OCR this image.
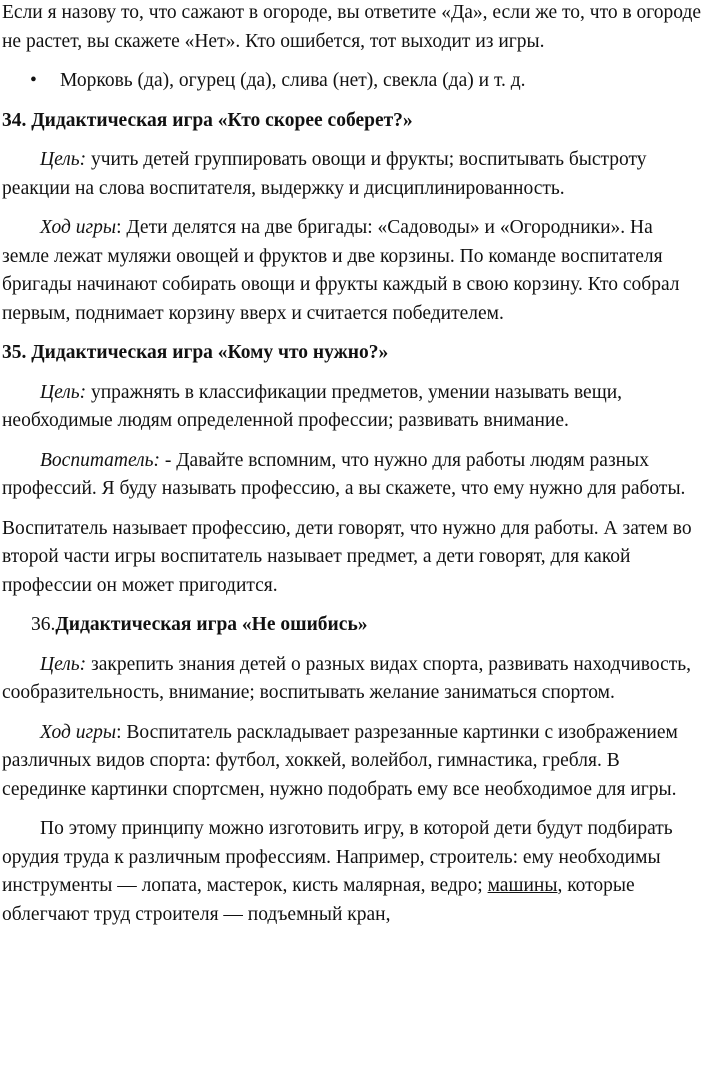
Если я назову то, что сажают в огороде, вы ответите «Да», если же то, что в огороде не растет, вы скажете «Нет». Кто ошибется, тот выходит из игры.

•	Морковь (да), огурец (да), слива (нет), свекла (да) и т. д.

34. Дидактическая игра «Кто скорее соберет?»

Цель: учить детей группировать овощи и фрукты; воспитывать быстроту реакции на слова воспитателя, выдержку и дисциплинированность.

Ход игры: Дети делятся на две бригады: «Садоводы» и «Огородники». На земле лежат муляжи овощей и фруктов и две корзины. По команде воспитателя бригады начинают собирать овощи и фрукты каждый в свою корзину. Кто собрал первым, поднимает корзину вверх и считается победителем.

35. Дидактическая игра «Кому что нужно?»

Цель: упражнять в классификации предметов, умении называть вещи, необходимые людям определенной профессии; развивать внимание.

Воспитатель: - Давайте вспомним, что нужно для работы людям разных профессий. Я буду называть профессию, а вы скажете, что ему нужно для работы.

Воспитатель называет профессию, дети говорят, что нужно для работы. А затем во второй части игры воспитатель называет предмет, а дети говорят, для какой профессии он может пригодится.

36.Дидактическая игра «Не ошибись»

Цель: закрепить знания детей о разных видах спорта, развивать находчивость, сообразительность, внимание; воспитывать желание заниматься спортом.

Ход игры: Воспитатель раскладывает разрезанные картинки с изображением различных видов спорта: футбол, хоккей, волейбол, гимнастика, гребля. В серединке картинки спортсмен, нужно подобрать ему все необходимое для игры.

По этому принципу можно изготовить игру, в которой дети будут подбирать орудия труда к различным профессиям. Например, строитель: ему необходимы инструменты — лопата, мастерок, кисть малярная, ведро; машины, которые облегчают труд строителя — подъемный кран,
